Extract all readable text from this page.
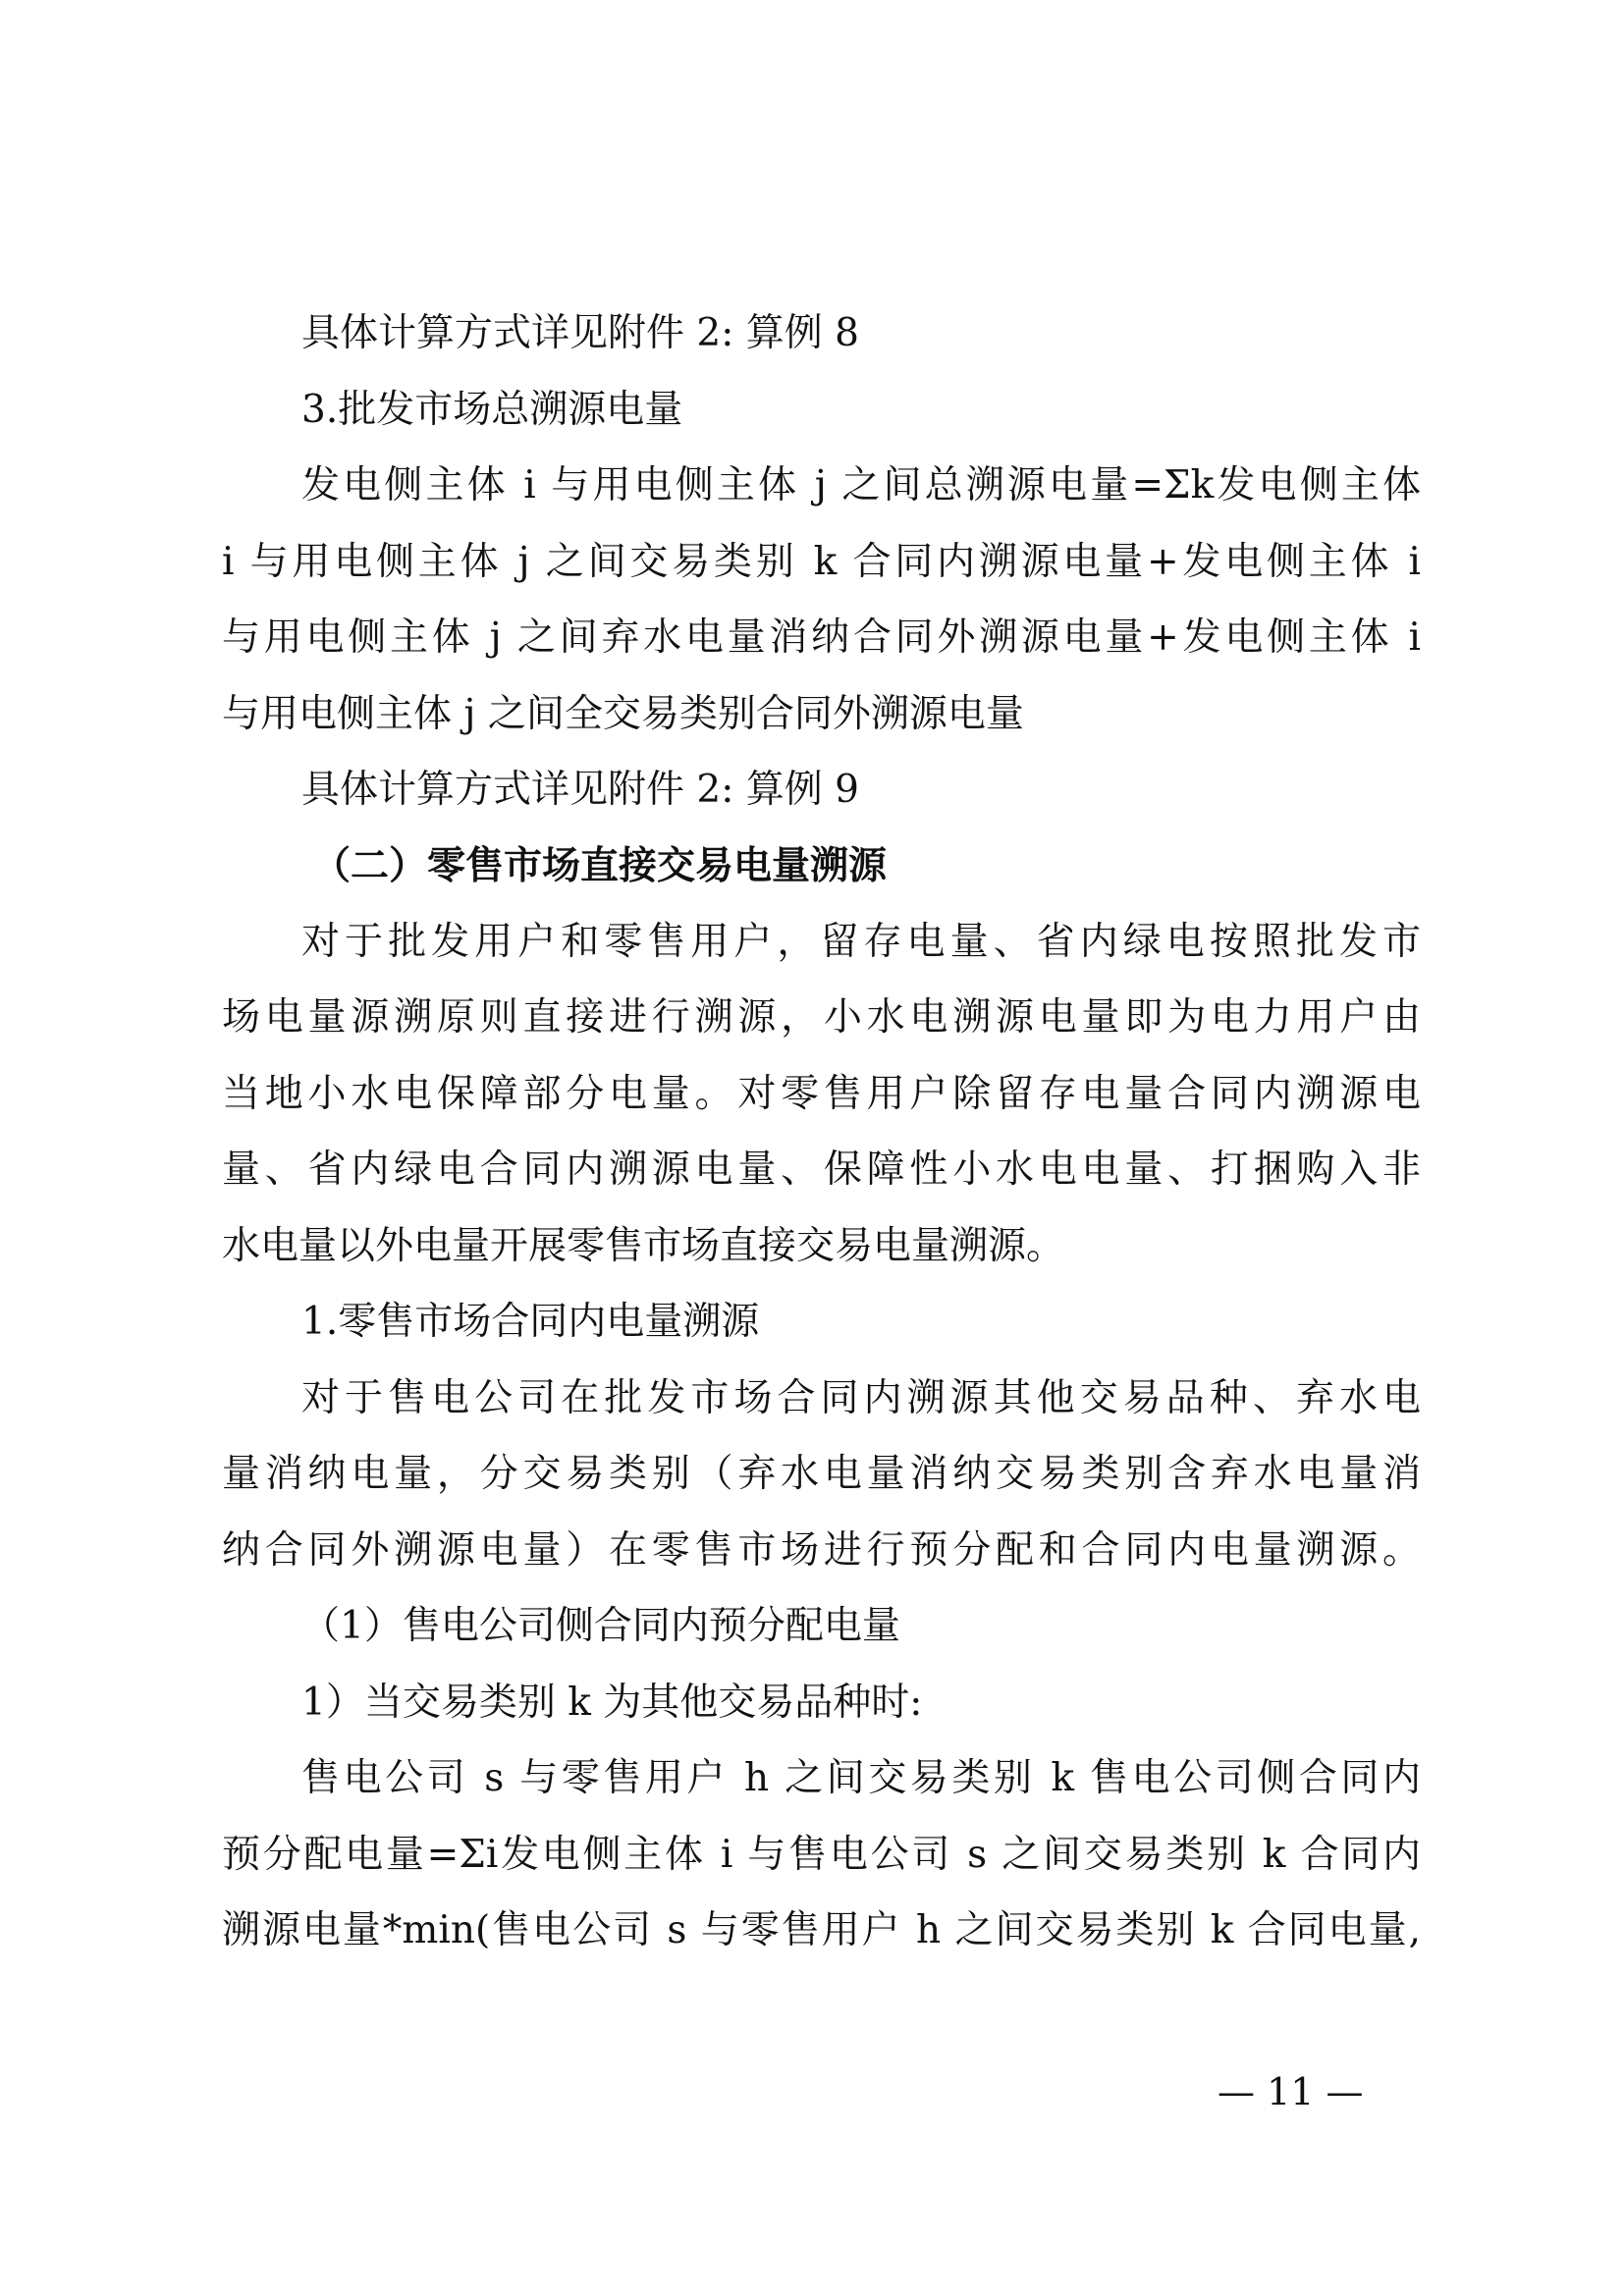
具体计算方式详见附件 2: 算例 8

3.批发市场总溯源电量

发电侧主体 i 与用电侧主体 j 之间总溯源电量=Σk发电侧主体

i 与用电侧主体 j 之间交易类别 k 合同内溯源电量+发电侧主体 i

与用电侧主体 j 之间弃水电量消纳合同外溯源电量+发电侧主体 i

与用电侧主体 j 之间全交易类别合同外溯源电量

具体计算方式详见附件 2: 算例 9

（二）零售市场直接交易电量溯源

对于批发用户和零售用户，留存电量、省内绿电按照批发市

场电量源溯原则直接进行溯源，小水电溯源电量即为电力用户由

当地小水电保障部分电量。对零售用户除留存电量合同内溯源电

量、省内绿电合同内溯源电量、保障性小水电电量、打捆购入非

水电量以外电量开展零售市场直接交易电量溯源。

1.零售市场合同内电量溯源

对于售电公司在批发市场合同内溯源其他交易品种、弃水电

量消纳电量，分交易类别（弃水电量消纳交易类别含弃水电量消

纳合同外溯源电量）在零售市场进行预分配和合同内电量溯源。

（1）售电公司侧合同内预分配电量

1）当交易类别 k 为其他交易品种时:

售电公司 s 与零售用户 h 之间交易类别 k 售电公司侧合同内

预分配电量=Σi发电侧主体 i 与售电公司 s 之间交易类别 k 合同内

溯源电量*min(售电公司 s 与零售用户 h 之间交易类别 k 合同电量,

— 11 —
